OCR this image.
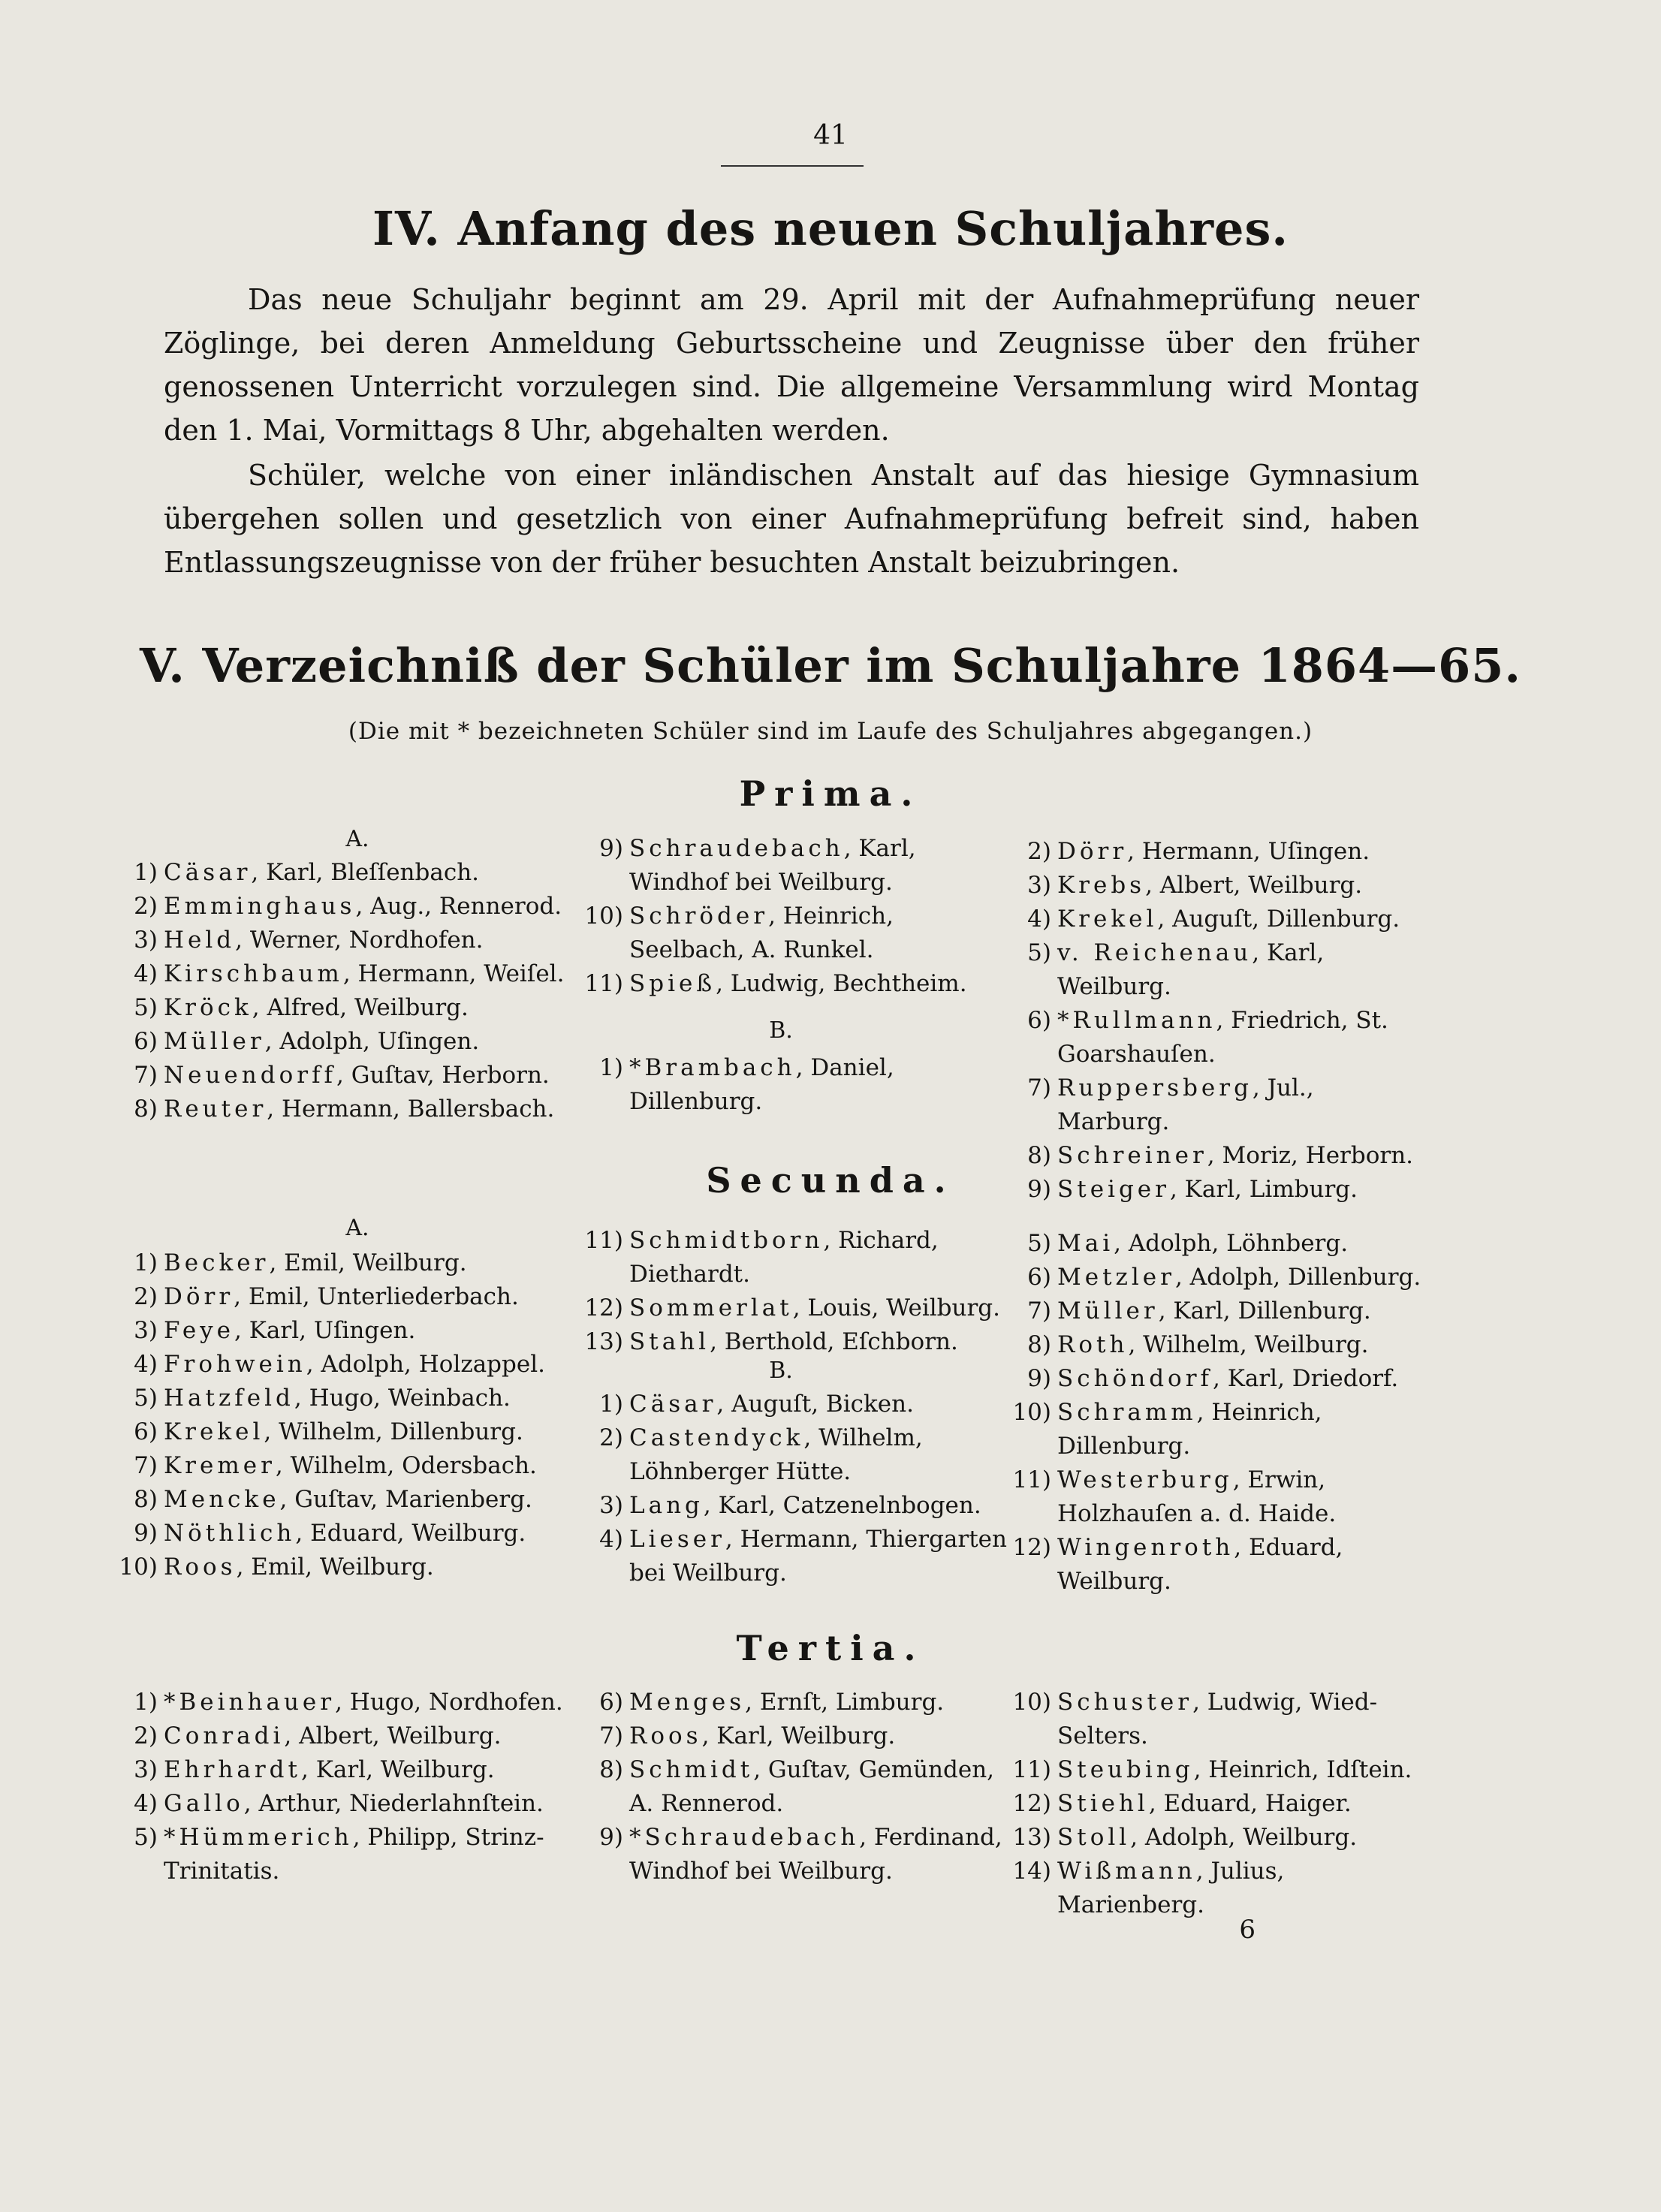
41
IV. Anfang des neuen Schuljahres.
Das neue Schuljahr beginnt am 29. April mit der Aufnahmeprüfung neuer Zöglinge, bei deren Anmeldung Geburtsscheine und Zeugnisse über den früher genossenen Unterricht vorzulegen sind. Die allgemeine Versammlung wird Montag den 1. Mai, Vormittags 8 Uhr, abgehalten werden.
Schüler, welche von einer inländischen Anstalt auf das hiesige Gymnasium übergehen sollen und gesetzlich von einer Aufnahmeprüfung befreit sind, haben Entlassungszeugnisse von der früher besuchten Anstalt beizubringen.
V. Verzeichniß der Schüler im Schuljahre 1864—65.
(Die mit * bezeichneten Schüler sind im Laufe des Schuljahres abgegangen.)
Prima.
A.
1) Cäsar, Karl, Bleſſenbach.
2) Emminghaus, Aug., Rennerod.
3) Held, Werner, Nordhofen.
4) Kirschbaum, Hermann, Weiſel.
5) Kröck, Alfred, Weilburg.
6) Müller, Adolph, Uſingen.
7) Neuendorff, Guſtav, Herborn.
8) Reuter, Hermann, Ballersbach.
9) Schraudebach, Karl, Windhof bei Weilburg.
10) Schröder, Heinrich, Seelbach, A. Runkel.
11) Spieß, Ludwig, Bechtheim.
B.
1) *Brambach, Daniel, Dillenburg.
2) Dörr, Hermann, Uſingen.
3) Krebs, Albert, Weilburg.
4) Krekel, Auguſt, Dillenburg.
5) v. Reichenau, Karl, Weilburg.
6) *Rullmann, Friedrich, St. Goarshauſen.
7) Ruppersberg, Jul., Marburg.
8) Schreiner, Moriz, Herborn.
9) Steiger, Karl, Limburg.
Secunda.
A.
1) Becker, Emil, Weilburg.
2) Dörr, Emil, Unterliederbach.
3) Feye, Karl, Uſingen.
4) Frohwein, Adolph, Holzappel.
5) Hatzfeld, Hugo, Weinbach.
6) Krekel, Wilhelm, Dillenburg.
7) Kremer, Wilhelm, Odersbach.
8) Mencke, Guſtav, Marienberg.
9) Nöthlich, Eduard, Weilburg.
10) Roos, Emil, Weilburg.
11) Schmidtborn, Richard, Diethardt.
12) Sommerlat, Louis, Weilburg.
13) Stahl, Berthold, Eſchborn.
B.
1) Cäsar, Auguſt, Bicken.
2) Castendyck, Wilhelm, Löhnberger Hütte.
3) Lang, Karl, Catzenelnbogen.
4) Lieser, Hermann, Thiergarten bei Weilburg.
5) Mai, Adolph, Löhnberg.
6) Metzler, Adolph, Dillenburg.
7) Müller, Karl, Dillenburg.
8) Roth, Wilhelm, Weilburg.
9) Schöndorf, Karl, Driedorf.
10) Schramm, Heinrich, Dillenburg.
11) Westerburg, Erwin, Holzhauſen a. d. Haide.
12) Wingenroth, Eduard, Weilburg.
Tertia.
1) *Beinhauer, Hugo, Nordhofen.
2) Conradi, Albert, Weilburg.
3) Ehrhardt, Karl, Weilburg.
4) Gallo, Arthur, Niederlahnſtein.
5) *Hümmerich, Philipp, Strinz-Trinitatis.
6) Menges, Ernſt, Limburg.
7) Roos, Karl, Weilburg.
8) Schmidt, Guſtav, Gemünden, A. Rennerod.
9) *Schraudebach, Ferdinand, Windhof bei Weilburg.
10) Schuster, Ludwig, Wied-Selters.
11) Steubing, Heinrich, Idſtein.
12) Stiehl, Eduard, Haiger.
13) Stoll, Adolph, Weilburg.
14) Wißmann, Julius, Marienberg.
6
